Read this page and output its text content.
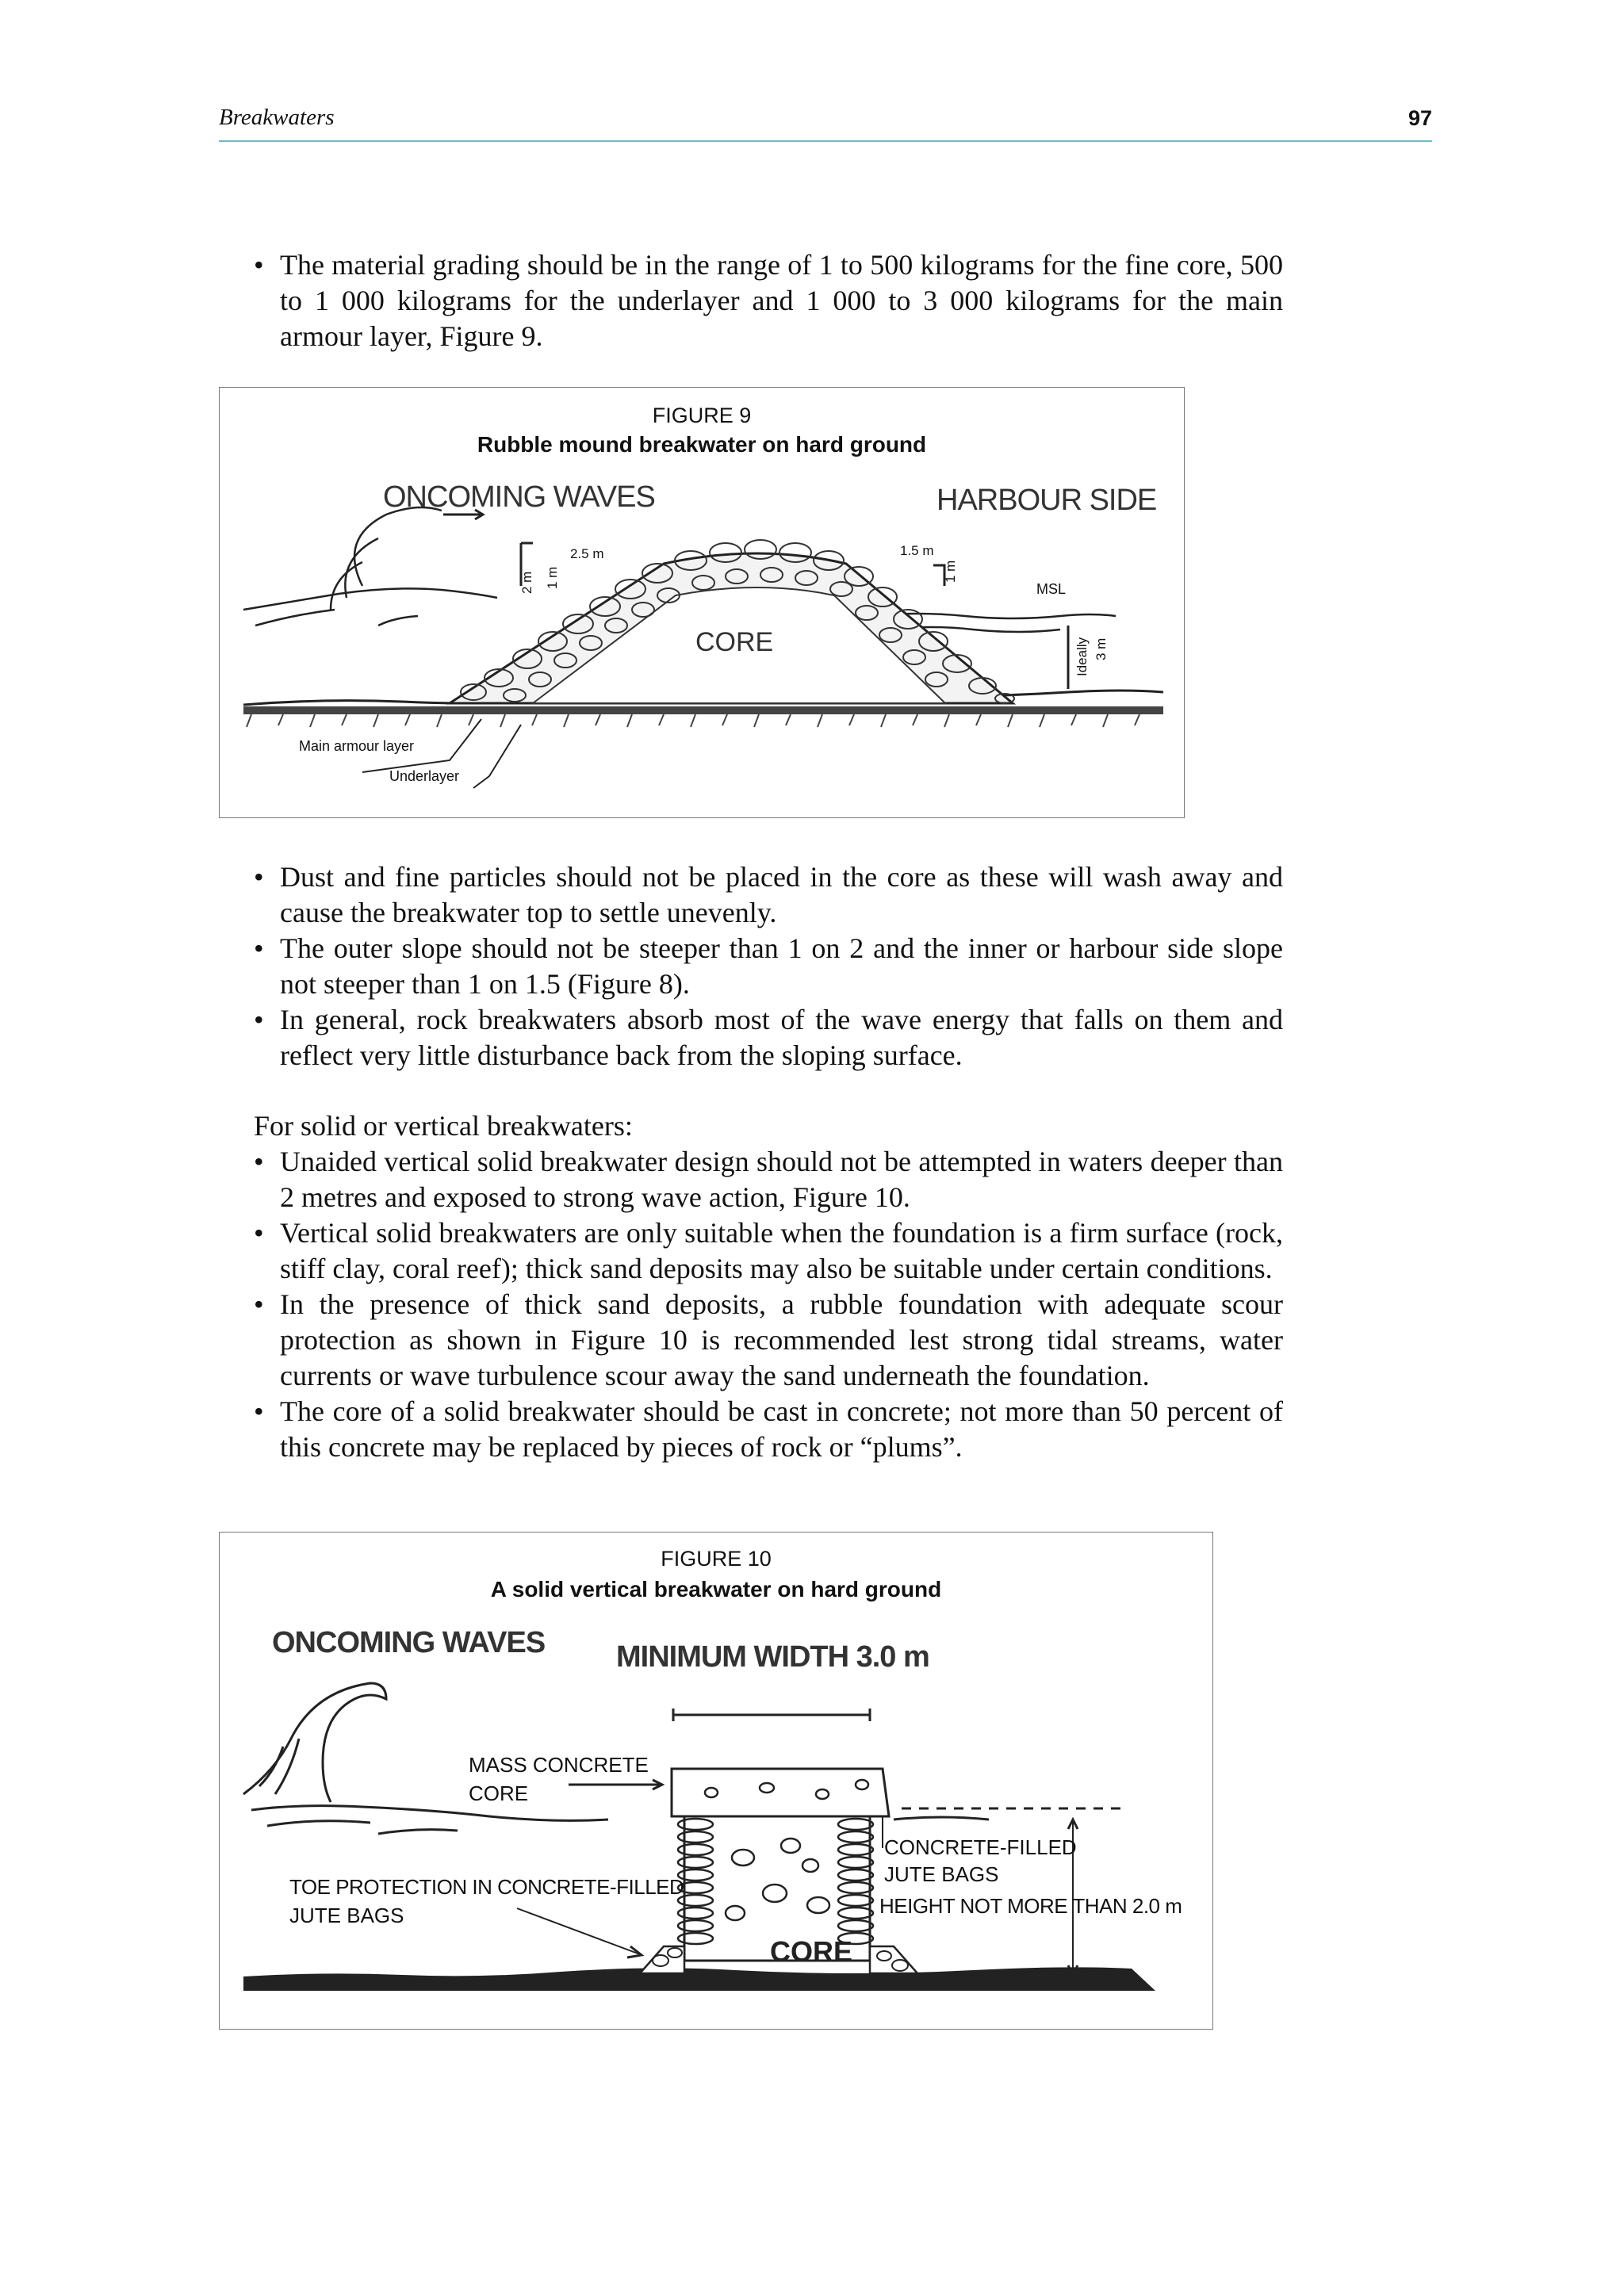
Breakwaters	97
• The material grading should be in the range of 1 to 500 kilograms for the fine core, 500 to 1 000 kilograms for the underlayer and 1 000 to 3 000 kilograms for the main armour layer, Figure 9.
FIGURE 9
Rubble mound breakwater on hard ground
ONCOMING WAVES	HARBOUR SIDE
2.5 m
2 m 1 m
1.5 m
1 m
MSL
CORE	Ideally 3 m
Main armour layer
Underlayer
• Dust and fine particles should not be placed in the core as these will wash away and cause the breakwater top to settle unevenly.
• The outer slope should not be steeper than 1 on 2 and the inner or harbour side slope not steeper than 1 on 1.5 (Figure 8).
• In general, rock breakwaters absorb most of the wave energy that falls on them and reflect very little disturbance back from the sloping surface.

For solid or vertical breakwaters:

• Unaided vertical solid breakwater design should not be attempted in waters deeper than 2 metres and exposed to strong wave action, Figure 10.
• Vertical solid breakwaters are only suitable when the foundation is a firm surface (rock, stiff clay, coral reef); thick sand deposits may also be suitable under certain conditions.
• In the presence of thick sand deposits, a rubble foundation with adequate scour protection as shown in Figure 10 is recommended lest strong tidal streams, water currents or wave turbulence scour away the sand underneath the foundation.
• The core of a solid breakwater should be cast in concrete; not more than 50 percent of this concrete may be replaced by pieces of rock or “plums”.
FIGURE 10
A solid vertical breakwater on hard ground
ONCOMING WAVES MINIMUM WIDTH 3.0 m
MASS CONCRETE
CORE
CONCRETE-FILLED
JUTE BAGS
HEIGHT NOT MORE THAN 2.0 m
TOE PROTECTION IN CONCRETE-FILLED
JUTE BAGS
CORE
